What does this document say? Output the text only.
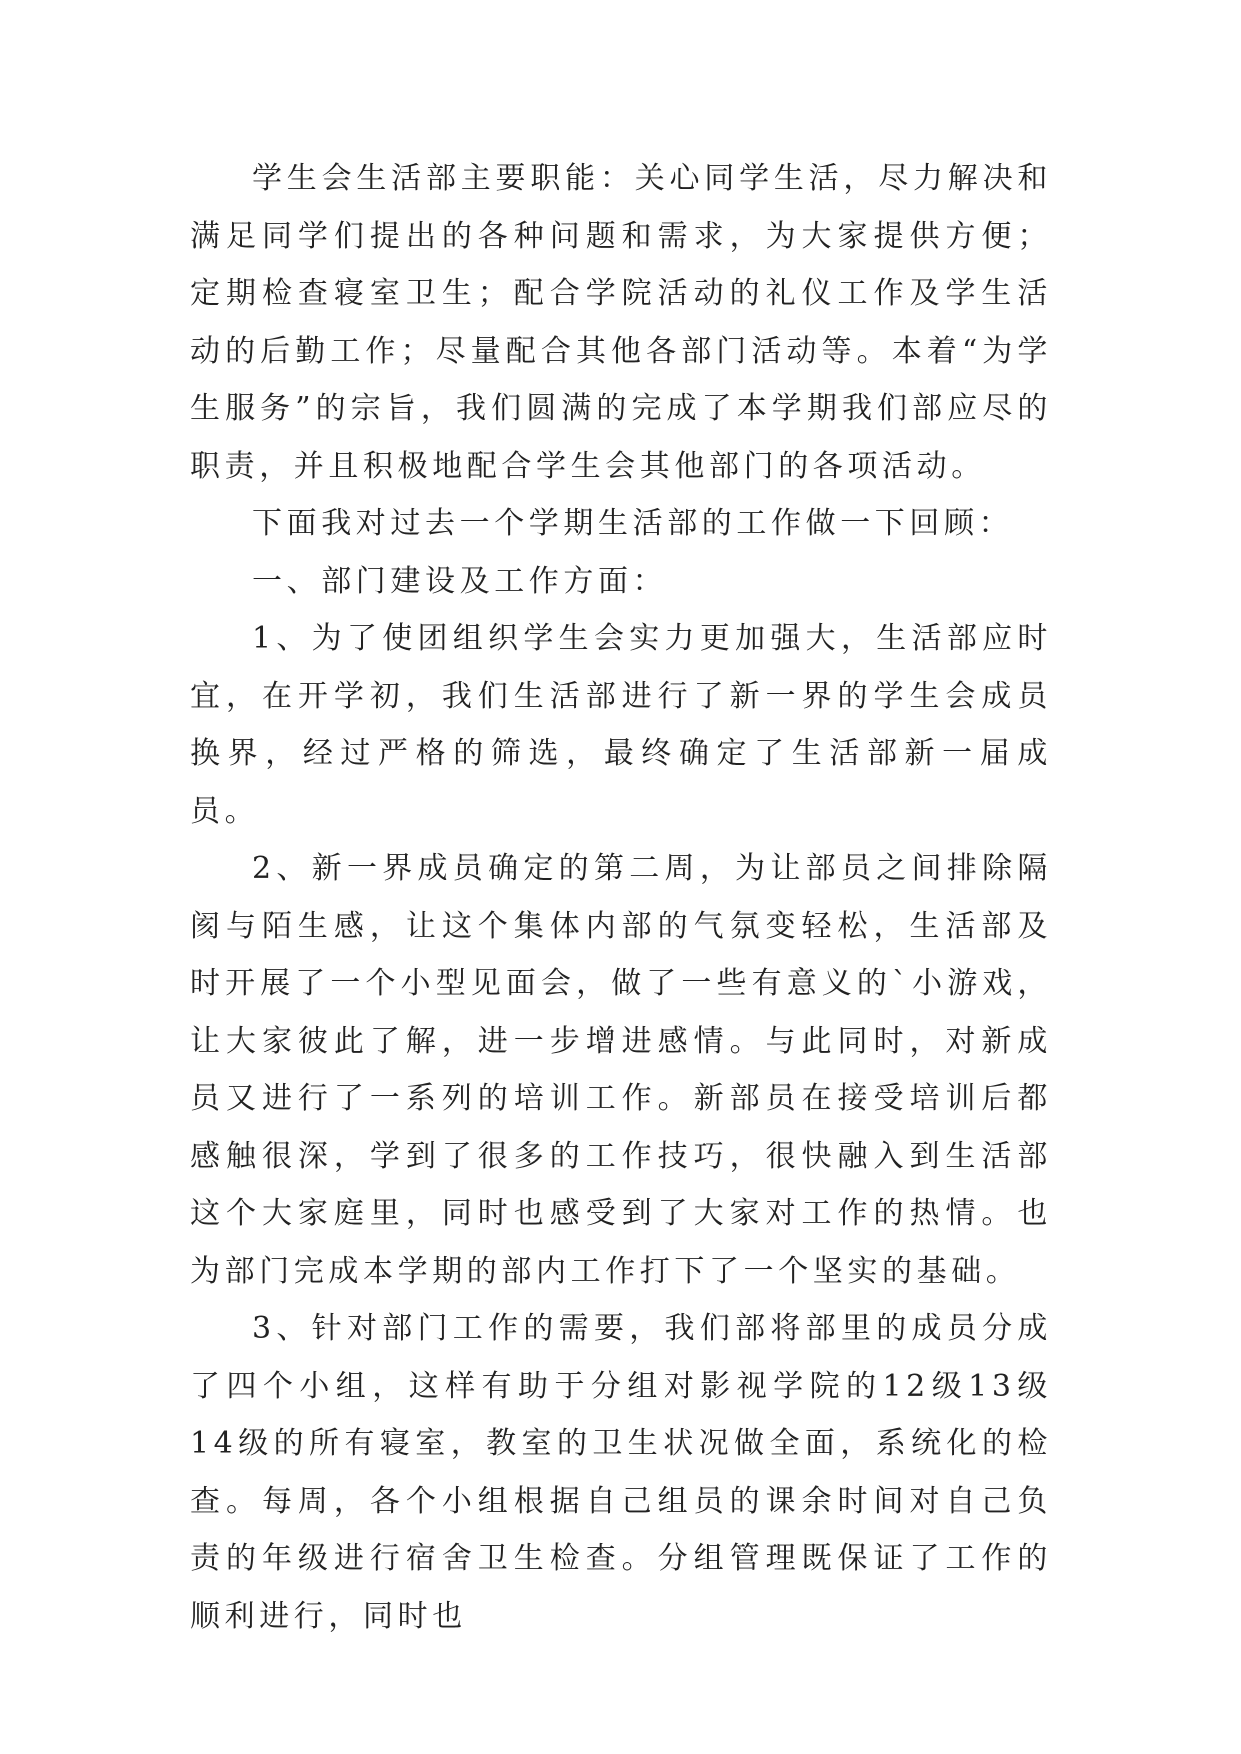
学生会生活部主要职能：关心同学生活，尽力解决和满足同学们提出的各种问题和需求，为大家提供方便；定期检查寝室卫生；配合学院活动的礼仪工作及学生活动的后勤工作；尽量配合其他各部门活动等。本着“为学生服务”的宗旨，我们圆满的完成了本学期我们部应尽的职责，并且积极地配合学生会其他部门的各项活动。

下面我对过去一个学期生活部的工作做一下回顾：

一、部门建设及工作方面：

1、为了使团组织学生会实力更加强大，生活部应时宜，在开学初，我们生活部进行了新一界的学生会成员换界，经过严格的筛选，最终确定了生活部新一届成员。

2、新一界成员确定的第二周，为让部员之间排除隔阂与陌生感，让这个集体内部的气氛变轻松，生活部及时开展了一个小型见面会，做了一些有意义的`小游戏，让大家彼此了解，进一步增进感情。与此同时，对新成员又进行了一系列的培训工作。新部员在接受培训后都感触很深，学到了很多的工作技巧，很快融入到生活部这个大家庭里，同时也感受到了大家对工作的热情。也为部门完成本学期的部内工作打下了一个坚实的基础。

3、针对部门工作的需要，我们部将部里的成员分成了四个小组，这样有助于分组对影视学院的12级13级14级的所有寝室，教室的卫生状况做全面，系统化的检查。每周，各个小组根据自己组员的课余时间对自己负责的年级进行宿舍卫生检查。分组管理既保证了工作的顺利进行，同时也
